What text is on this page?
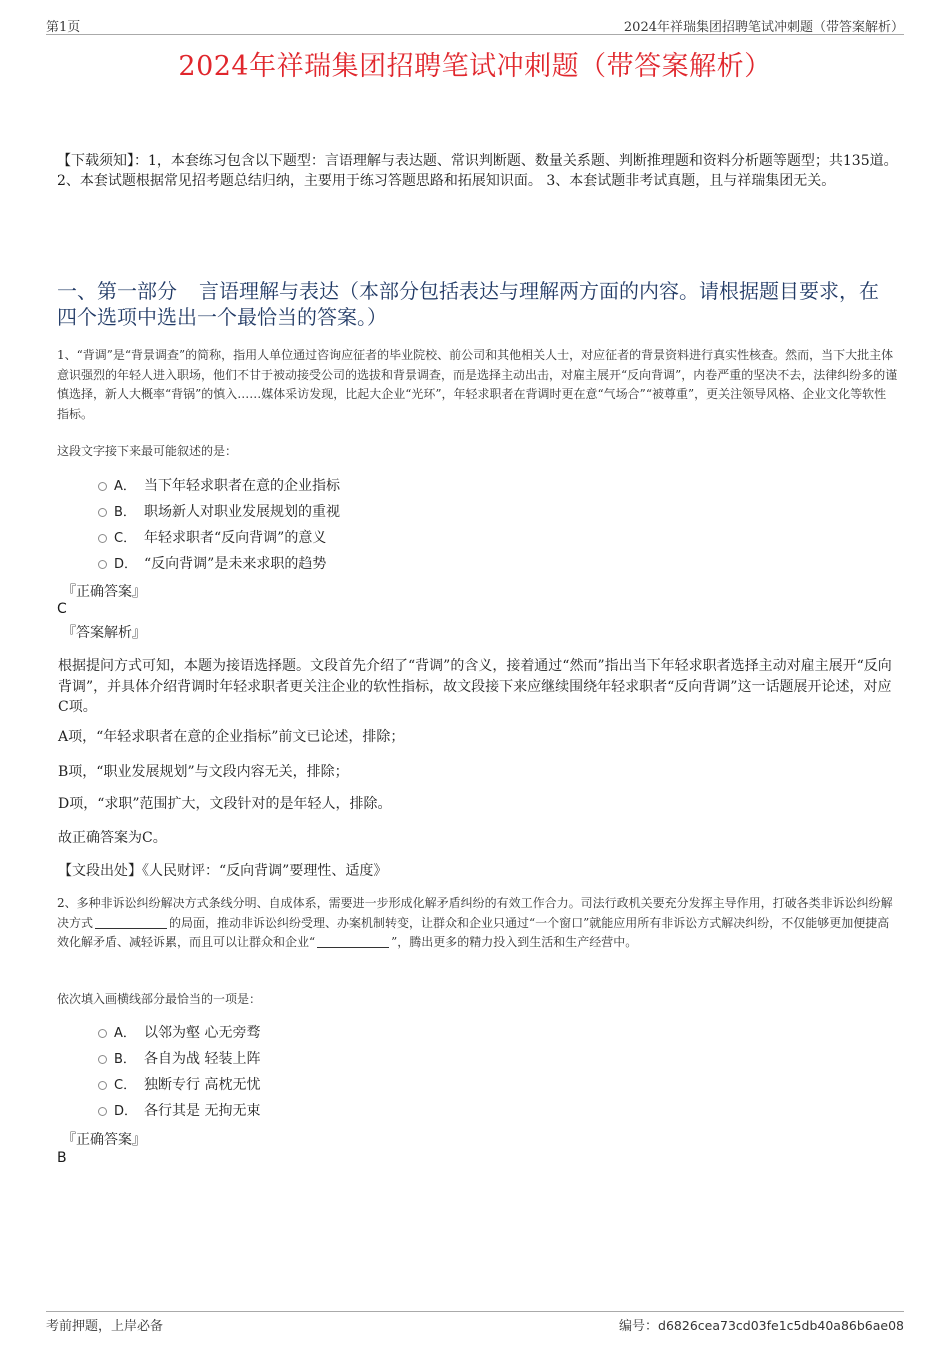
第1页	2024年祥瑞集团招聘笔试冲刺题（带答案解析）
2024年祥瑞集团招聘笔试冲刺题（带答案解析）
【下载须知】：1，本套练习包含以下题型：言语理解与表达题、常识判断题、数量关系题、判断推理题和资料分析题等题型；共135道。 2、本套试题根据常见招考题总结归纳，主要用于练习答题思路和拓展知识面。 3、本套试题非考试真题，且与祥瑞集团无关。
一、第一部分 言语理解与表达（本部分包括表达与理解两方面的内容。请根据题目要求，在四个选项中选出一个最恰当的答案。）
1、“背调”是“背景调查”的简称，指用人单位通过咨询应征者的毕业院校、前公司和其他相关人士，对应征者的背景资料进行真实性核查。然而，当下大批主体意识强烈的年轻人进入职场，他们不甘于被动接受公司的选拔和背景调查，而是选择主动出击，对雇主展开“反向背调”，内卷严重的坚决不去，法律纠纷多的谨慎选择，新人大概率“背锅”的慎入……媒体采访发现，比起大企业“光环”，年轻求职者在背调时更在意“气场合”“被尊重”，更关注领导风格、企业文化等软性指标。
这段文字接下来最可能叙述的是：
A． 当下年轻求职者在意的企业指标
B． 职场新人对职业发展规划的重视
C． 年轻求职者“反向背调”的意义
D． “反向背调”是未来求职的趋势
『正确答案』
C
『答案解析』
根据提问方式可知，本题为接语选择题。文段首先介绍了“背调”的含义，接着通过“然而”指出当下年轻求职者选择主动对雇主展开“反向背调”，并具体介绍背调时年轻求职者更关注企业的软性指标，故文段接下来应继续围绕年轻求职者“反向背调”这一话题展开论述，对应C项。
A项，“年轻求职者在意的企业指标”前文已论述，排除；
B项，“职业发展规划”与文段内容无关，排除；
D项，“求职”范围扩大，文段针对的是年轻人，排除。
故正确答案为C。
【文段出处】《人民财评：“反向背调”要理性、适度》
2、多种非诉讼纠纷解决方式条线分明、自成体系，需要进一步形成化解矛盾纠纷的有效工作合力。司法行政机关要充分发挥主导作用，打破各类非诉讼纠纷解决方式	的局面，推动非诉讼纠纷受理、办案机制转变，让群众和企业只通过“一个窗口”就能应用所有非诉讼方式解决纠纷，不仅能够更加便捷高效化解矛盾、减轻诉累，而且可以让群众和企业“	”，腾出更多的精力投入到生活和生产经营中。
依次填入画横线部分最恰当的一项是：
A． 以邻为壑 心无旁骛
B． 各自为战 轻装上阵
C． 独断专行 高枕无忧
D． 各行其是 无拘无束
『正确答案』
B
考前押题，上岸必备	编号：d6826cea73cd03fe1c5db40a86b6ae08
